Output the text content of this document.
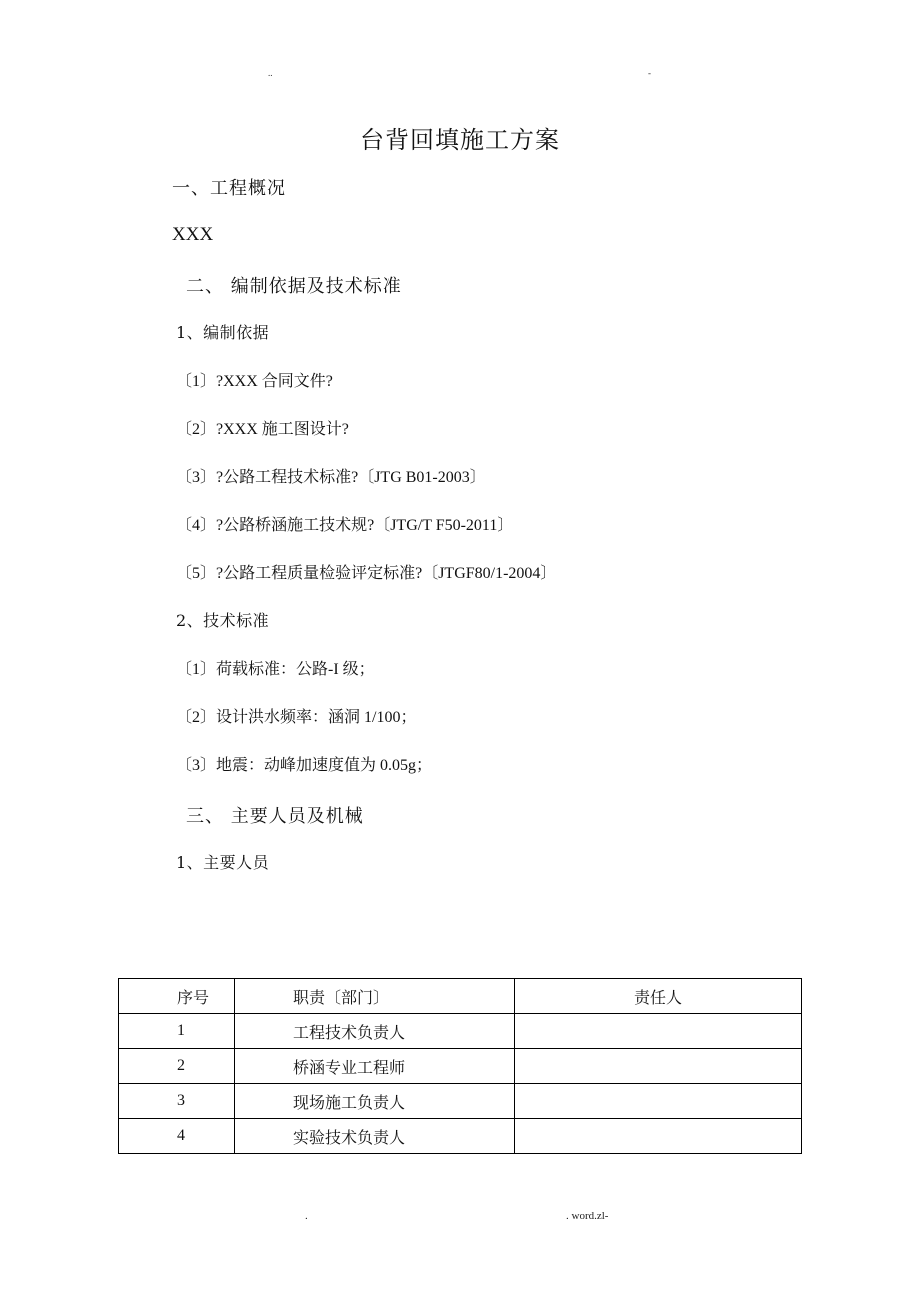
..	-
台背回填施工方案
一、工程概况
XXX
二、 编制依据及技术标准
1、编制依据
〔1〕?XXX 合同文件?
〔2〕?XXX 施工图设计?
〔3〕?公路工程技术标准?〔JTG B01-2003〕
〔4〕?公路桥涵施工技术规?〔JTG/T F50-2011〕
〔5〕?公路工程质量检验评定标准?〔JTGF80/1-2004〕
2、技术标准
〔1〕荷载标准：公路-I 级；
〔2〕设计洪水频率：涵洞 1/100；
〔3〕地震：动峰加速度值为 0.05g；
三、 主要人员及机械
1、主要人员
序号	职责〔部门〕	责任人
1	工程技术负责人	
2	桥涵专业工程师	
3	现场施工负责人	
4	实验技术负责人	
.	. word.zl-
